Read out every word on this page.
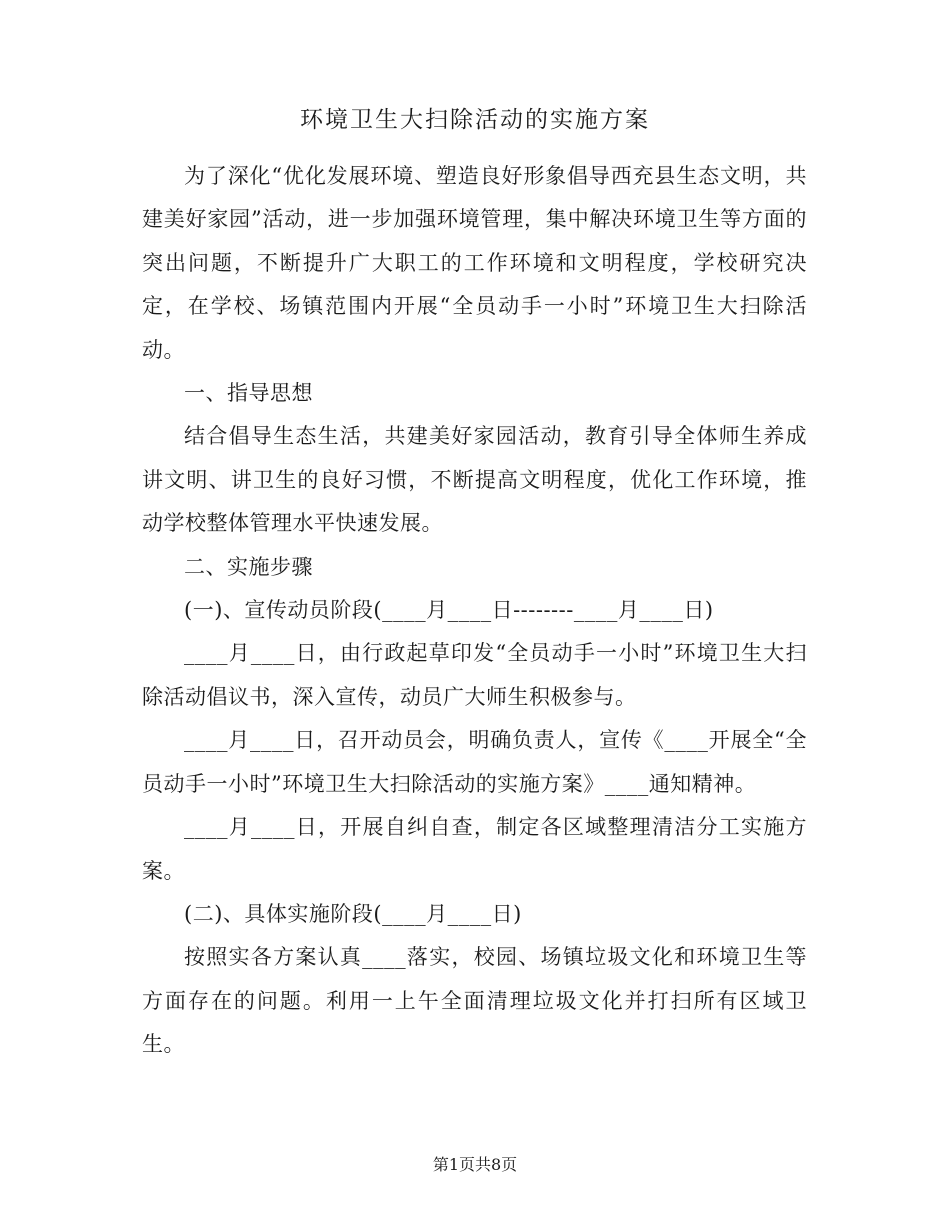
环境卫生大扫除活动的实施方案

为了深化“优化发展环境、塑造良好形象倡导西充县生态文明，共建美好家园”活动，进一步加强环境管理，集中解决环境卫生等方面的突出问题，不断提升广大职工的工作环境和文明程度，学校研究决定，在学校、场镇范围内开展“全员动手一小时”环境卫生大扫除活动。

一、指导思想

结合倡导生态生活，共建美好家园活动，教育引导全体师生养成讲文明、讲卫生的良好习惯，不断提高文明程度，优化工作环境，推动学校整体管理水平快速发展。

二、实施步骤

(一)、宣传动员阶段(____月____日--------____月____日)

____月____日，由行政起草印发“全员动手一小时”环境卫生大扫除活动倡议书，深入宣传，动员广大师生积极参与。

____月____日，召开动员会，明确负责人，宣传《____开展全“全员动手一小时”环境卫生大扫除活动的实施方案》____通知精神。

____月____日，开展自纠自查，制定各区域整理清洁分工实施方案。

(二)、具体实施阶段(____月____日)

按照实各方案认真____落实，校园、场镇垃圾文化和环境卫生等方面存在的问题。利用一上午全面清理垃圾文化并打扫所有区域卫生。

第1页共8页
